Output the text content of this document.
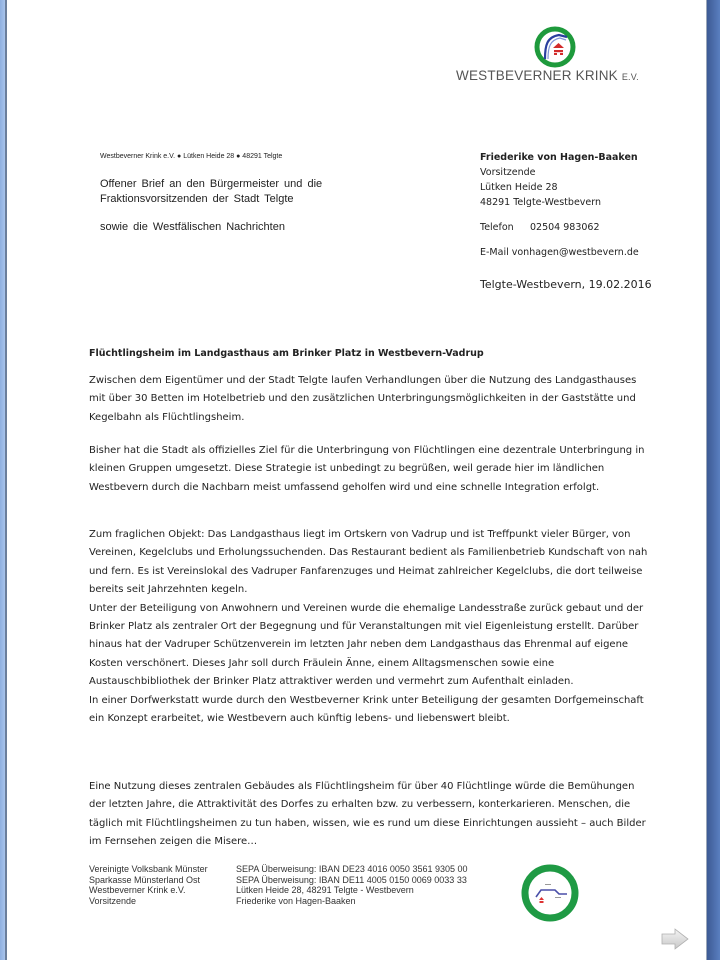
WESTBEVERNER KRINK E.V.
Westbeverner Krink e.V. ● Lütken Heide 28 ● 48291 Telgte
Offener Brief an den Bürgermeister und die
Fraktionsvorsitzenden der Stadt Telgte
sowie die Westfälischen Nachrichten
Friederike von Hagen-Baaken
Vorsitzende
Lütken Heide 28
48291 Telgte-Westbevern
Telefon 02504 983062
E-Mail vonhagen@westbevern.de
Telgte-Westbevern, 19.02.2016
Flüchtlingsheim im Landgasthaus am Brinker Platz in Westbevern-Vadrup
Zwischen dem Eigentümer und der Stadt Telgte laufen Verhandlungen über die Nutzung des Landgasthauses mit über 30 Betten im Hotelbetrieb und den zusätzlichen Unterbringungsmöglichkeiten in der Gaststätte und Kegelbahn als Flüchtlingsheim.
Bisher hat die Stadt als offizielles Ziel für die Unterbringung von Flüchtlingen eine dezentrale Unterbringung in kleinen Gruppen umgesetzt. Diese Strategie ist unbedingt zu begrüßen, weil gerade hier im ländlichen Westbevern durch die Nachbarn meist umfassend geholfen wird und eine schnelle Integration erfolgt.
Zum fraglichen Objekt: Das Landgasthaus liegt im Ortskern von Vadrup und ist Treffpunkt vieler Bürger, von Vereinen, Kegelclubs und Erholungssuchenden. Das Restaurant bedient als Familienbetrieb Kundschaft von nah und fern. Es ist Vereinslokal des Vadruper Fanfarenzuges und Heimat zahlreicher Kegelclubs, die dort teilweise bereits seit Jahrzehnten kegeln.
Unter der Beteiligung von Anwohnern und Vereinen wurde die ehemalige Landesstraße zurück gebaut und der Brinker Platz als zentraler Ort der Begegnung und für Veranstaltungen mit viel Eigenleistung erstellt. Darüber hinaus hat der Vadruper Schützenverein im letzten Jahr neben dem Landgasthaus das Ehrenmal auf eigene Kosten verschönert. Dieses Jahr soll durch Fräulein Änne, einem Alltagsmenschen sowie eine Austauschbibliothek der Brinker Platz attraktiver werden und vermehrt zum Aufenthalt einladen.
In einer Dorfwerkstatt wurde durch den Westbeverner Krink unter Beteiligung der gesamten Dorfgemeinschaft ein Konzept erarbeitet, wie Westbevern auch künftig lebens- und liebenswert bleibt.
Eine Nutzung dieses zentralen Gebäudes als Flüchtlingsheim für über 40 Flüchtlinge würde die Bemühungen der letzten Jahre, die Attraktivität des Dorfes zu erhalten bzw. zu verbessern, konterkarieren. Menschen, die täglich mit Flüchtlingsheimen zu tun haben, wissen, wie es rund um diese Einrichtungen aussieht – auch Bilder im Fernsehen zeigen die Misere…
Vereinigte Volksbank Münster
Sparkasse Münsterland Ost
Westbeverner Krink e.V.
Vorsitzende
SEPA Überweisung: IBAN DE23 4016 0050 3561 9305 00
SEPA Überweisung: IBAN DE11 4005 0150 0069 0033 33
Lütken Heide 28, 48291 Telgte - Westbevern
Friederike von Hagen-Baaken
